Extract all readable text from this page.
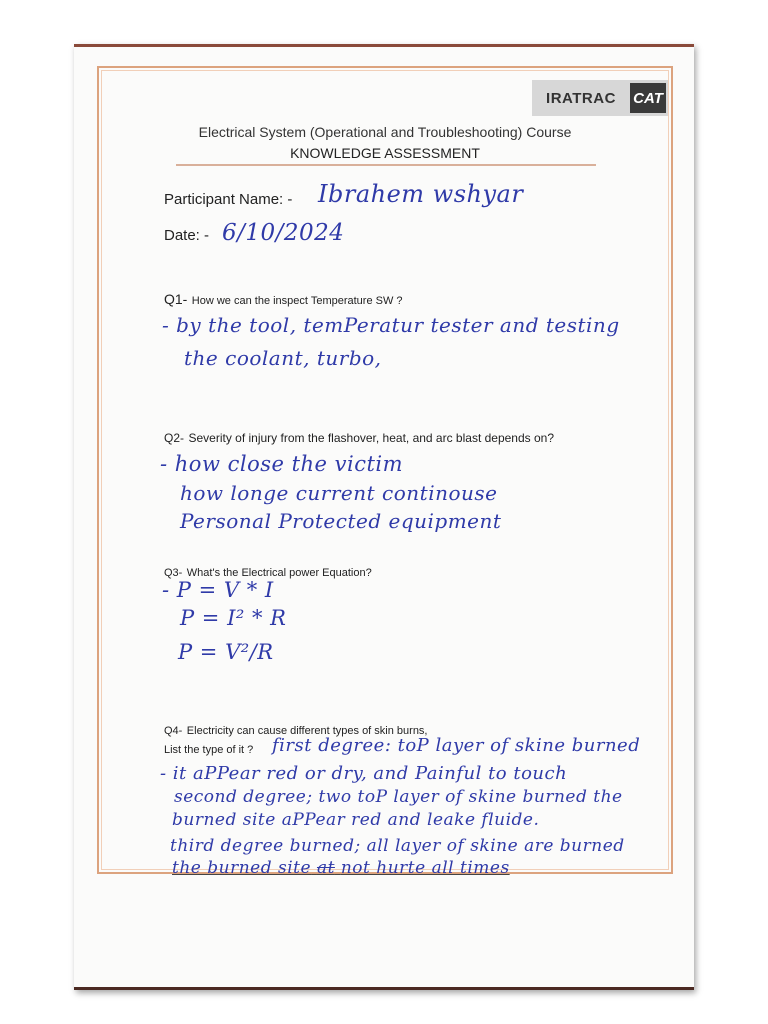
IRATRAC	CAT
Electrical System (Operational and Troubleshooting) Course
KNOWLEDGE ASSESSMENT
Participant Name: - Ibrahem wshyar
Date: - 6/10/2024
Q1- How we can the inspect Temperature SW ?
- by the tool, temPeratur tester and testing
the coolant, turbo,
Q2- Severity of injury from the flashover, heat, and arc blast depends on?
- how close the victim
how longe current continouse
Personal Protected equipment
Q3- What's the Electrical power Equation?
- P = V * I
P = I² * R
P = V²/R
Q4- Electricity can cause different types of skin burns,
List the type of it ? first degree: toP layer of skine burned
- it aPPear red or dry, and Painful to touch
second degree; two toP layer of skine burned the
burned site aPPear red and leake fluide.
third degree burned; all layer of skine are burned
the burned site at not hurte all times
